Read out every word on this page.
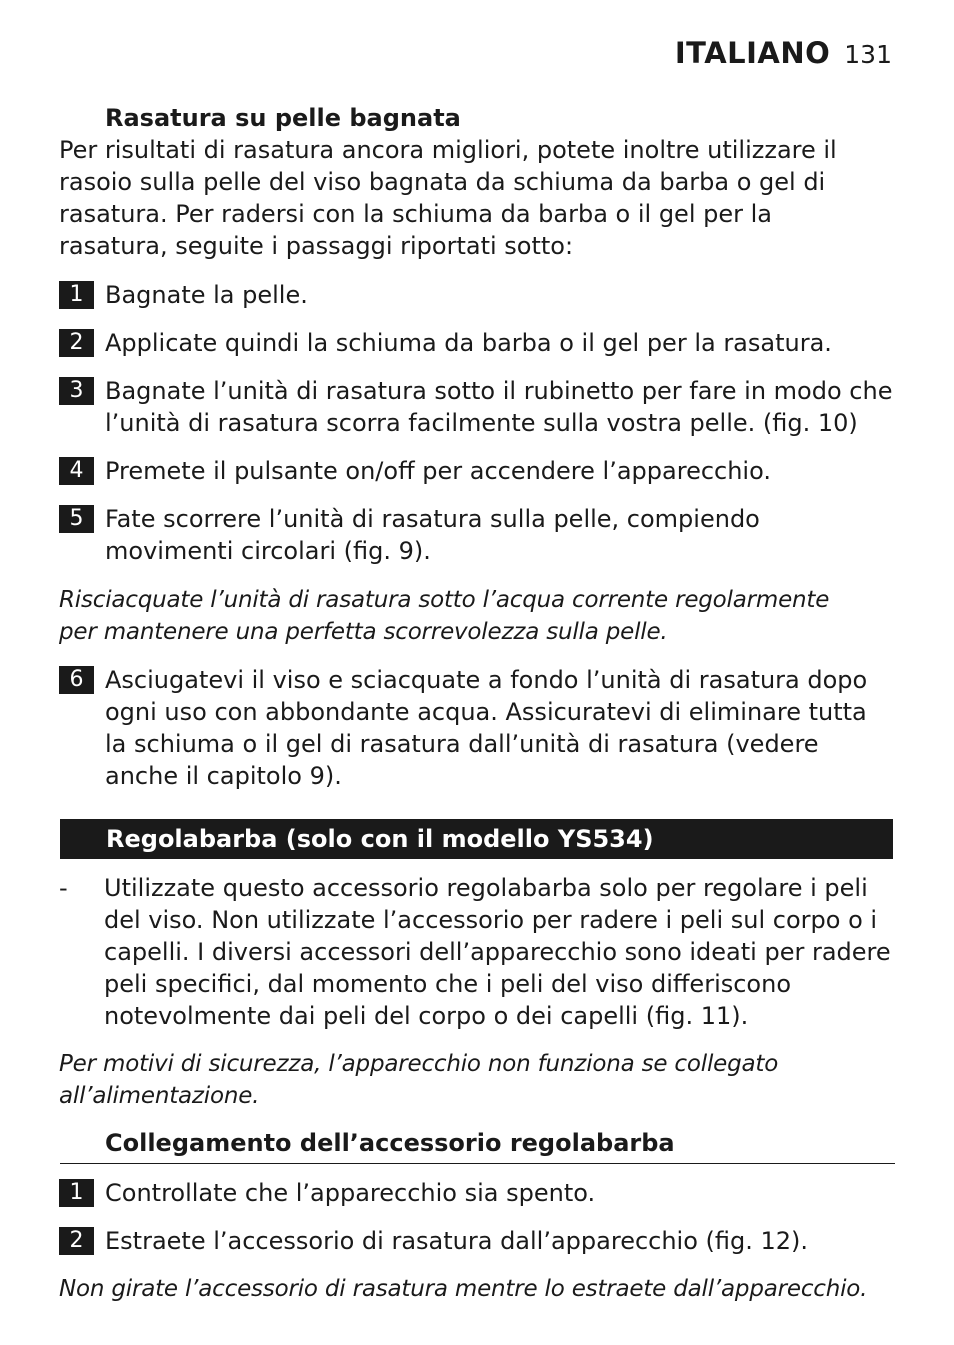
ITALIANO 131
Rasatura su pelle bagnata
Per risultati di rasatura ancora migliori, potete inoltre utilizzare il rasoio sulla pelle del viso bagnata da schiuma da barba o gel di rasatura. Per radersi con la schiuma da barba o il gel per la rasatura, seguite i passaggi riportati sotto:
1 Bagnate la pelle.
2 Applicate quindi la schiuma da barba o il gel per la rasatura.
3 Bagnate l’unità di rasatura sotto il rubinetto per fare in modo che l’unità di rasatura scorra facilmente sulla vostra pelle. (fig. 10)
4 Premete il pulsante on/off per accendere l’apparecchio.
5 Fate scorrere l’unità di rasatura sulla pelle, compiendo movimenti circolari (fig. 9).
Risciacquate l’unità di rasatura sotto l’acqua corrente regolarmente per mantenere una perfetta scorrevolezza sulla pelle.
6 Asciugatevi il viso e sciacquate a fondo l’unità di rasatura dopo ogni uso con abbondante acqua. Assicuratevi di eliminare tutta la schiuma o il gel di rasatura dall’unità di rasatura (vedere anche il capitolo 9).
Regolabarba (solo con il modello YS534)
-	Utilizzate questo accessorio regolabarba solo per regolare i peli del viso. Non utilizzate l’accessorio per radere i peli sul corpo o i capelli. I diversi accessori dell’apparecchio sono ideati per radere peli specifici, dal momento che i peli del viso differiscono notevolmente dai peli del corpo o dei capelli (fig. 11).
Per motivi di sicurezza, l’apparecchio non funziona se collegato all’alimentazione.
Collegamento dell’accessorio regolabarba
1 Controllate che l’apparecchio sia spento.
2 Estraete l’accessorio di rasatura dall’apparecchio (fig. 12).
Non girate l’accessorio di rasatura mentre lo estraete dall’apparecchio.
